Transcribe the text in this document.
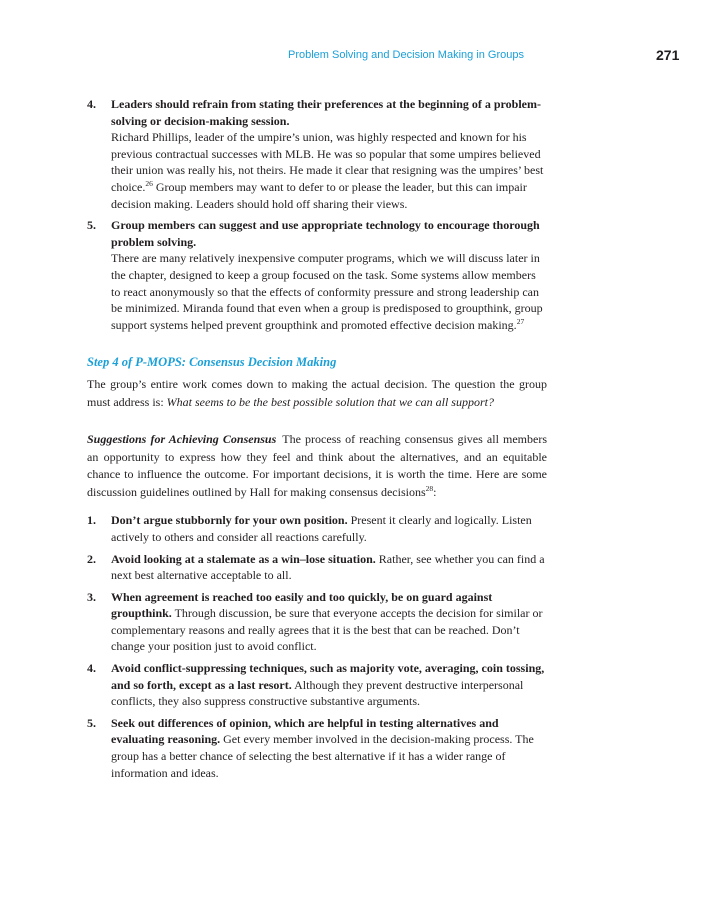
Problem Solving and Decision Making in Groups	271
4. Leaders should refrain from stating their preferences at the beginning of a problem-solving or decision-making session.
Richard Phillips, leader of the umpire’s union, was highly respected and known for his previous contractual successes with MLB. He was so popular that some umpires believed their union was really his, not theirs. He made it clear that resigning was the umpires’ best choice.$^{26}$ Group members may want to defer to or please the leader, but this can impair decision making. Leaders should hold off sharing their views.
5. Group members can suggest and use appropriate technology to encourage thorough problem solving.
There are many relatively inexpensive computer programs, which we will discuss later in the chapter, designed to keep a group focused on the task. Some systems allow members to react anonymously so that the effects of conformity pressure and strong leadership can be minimized. Miranda found that even when a group is predisposed to groupthink, group support systems helped prevent groupthink and promoted effective decision making.$^{27}$
Step 4 of P-MOPS: Consensus Decision Making

The group’s entire work comes down to making the actual decision. The question the group must address is: What seems to be the best possible solution that we can all support?

Suggestions for Achieving Consensus The process of reaching consensus gives all members an opportunity to express how they feel and think about the alternatives, and an equitable chance to influence the outcome. For important decisions, it is worth the time. Here are some discussion guidelines outlined by Hall for making consensus decisions$^{28}$:

1. Don’t argue stubbornly for your own position. Present it clearly and logically. Listen actively to others and consider all reactions carefully.
2. Avoid looking at a stalemate as a win–lose situation. Rather, see whether you can find a next best alternative acceptable to all.
3. When agreement is reached too easily and too quickly, be on guard against groupthink. Through discussion, be sure that everyone accepts the decision for similar or complementary reasons and really agrees that it is the best that can be reached. Don’t change your position just to avoid conflict.
4. Avoid conflict-suppressing techniques, such as majority vote, averaging, coin tossing, and so forth, except as a last resort. Although they prevent destructive interpersonal conflicts, they also suppress constructive substantive arguments.
5. Seek out differences of opinion, which are helpful in testing alternatives and evaluating reasoning. Get every member involved in the decision-making process. The group has a better chance of selecting the best alternative if it has a wider range of information and ideas.
